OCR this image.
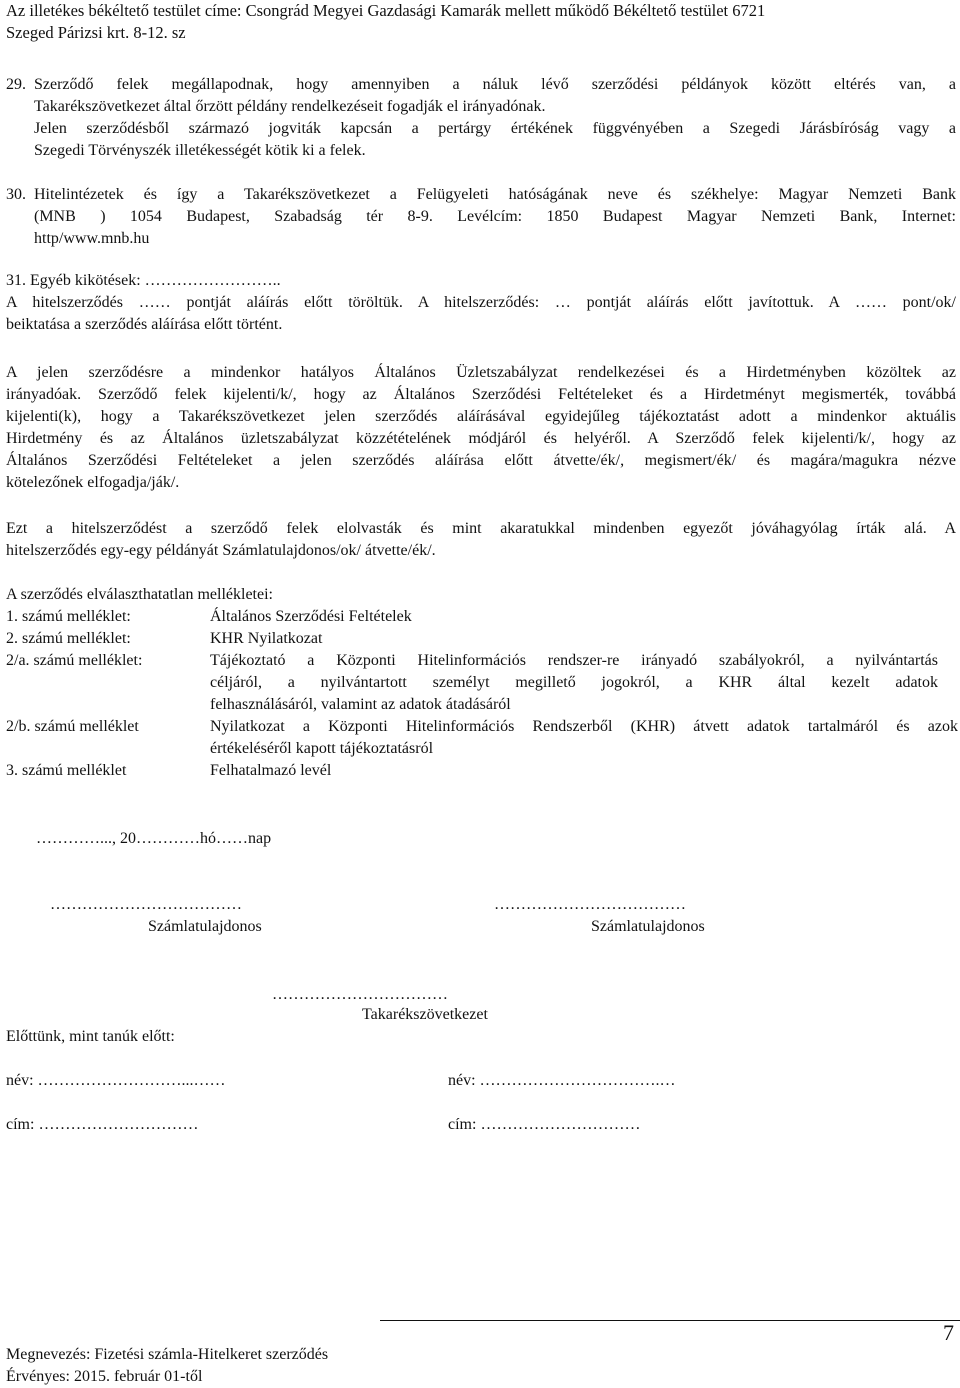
Az illetékes békéltető testület címe: Csongrád Megyei Gazdasági Kamarák mellett működő Békéltető testület 6721
Szeged Párizsi krt. 8-12. sz
29. Szerződő felek megállapodnak, hogy amennyiben a náluk lévő szerződési példányok között eltérés van, a
Takarékszövetkezet által őrzött példány rendelkezéseit fogadják el irányadónak.
Jelen szerződésből származó jogviták kapcsán a pertárgy értékének függvényében a Szegedi Járásbíróság vagy a
Szegedi Törvényszék illetékességét kötik ki a felek.
30. Hitelintézetek és így a Takarékszövetkezet a Felügyeleti hatóságának neve és székhelye: Magyar Nemzeti Bank
(MNB ) 1054 Budapest, Szabadság tér 8-9. Levélcím: 1850 Budapest Magyar Nemzeti Bank, Internet:
http/www.mnb.hu
31. Egyéb kikötések: ……………………..
A hitelszerződés …… pontját aláírás előtt töröltük. A hitelszerződés: … pontját aláírás előtt javítottuk. A …… pont/ok/
beiktatása a szerződés aláírása előtt történt.
A jelen szerződésre a mindenkor hatályos Általános Üzletszabályzat rendelkezései és a Hirdetményben közöltek az
irányadóak. Szerződő felek kijelenti/k/, hogy az Általános Szerződési Feltételeket és a Hirdetményt megismerték, továbbá
kijelenti(k), hogy a Takarékszövetkezet jelen szerződés aláírásával egyidejűleg tájékoztatást adott a mindenkor aktuális
Hirdetmény és az Általános üzletszabályzat közzétételének módjáról és helyéről. A Szerződő felek kijelenti/k/, hogy az
Általános Szerződési Feltételeket a jelen szerződés aláírása előtt átvette/ék/, megismert/ék/ és magára/magukra nézve
kötelezőnek elfogadja/ják/.
Ezt a hitelszerződést a szerződő felek elolvasták és mint akaratukkal mindenben egyezőt jóváhagyólag írták alá. A
hitelszerződés egy-egy példányát Számlatulajdonos/ok/ átvette/ék/.
A szerződés elválaszthatatlan mellékletei:
1. számú melléklet:	Általános Szerződési Feltételek
2. számú melléklet:	KHR Nyilatkozat
2/a. számú melléklet:	Tájékoztató a Központi Hitelinformációs rendszer-re irányadó szabályokról, a nyilvántartás
céljáról, a nyilvántartott személyt megillető jogokról, a KHR által kezelt adatok
felhasználásáról, valamint az adatok átadásáról
2/b. számú melléklet	Nyilatkozat a Központi Hitelinformációs Rendszerből (KHR) átvett adatok tartalmáról és azok
értékeléséről kapott tájékoztatásról
3. számú melléklet	Felhatalmazó levél
…………..., 20…………hó……nap
………………………………
Számlatulajdonos
………………………………
Számlatulajdonos
……………………………
Takarékszövetkezet
Előttünk, mint tanúk előtt:
név: ………………………...……	név: …………………………….…
cím: …………………………	cím: …………………………
7
Megnevezés: Fizetési számla-Hitelkeret szerződés
Érvényes: 2015. február 01-től
